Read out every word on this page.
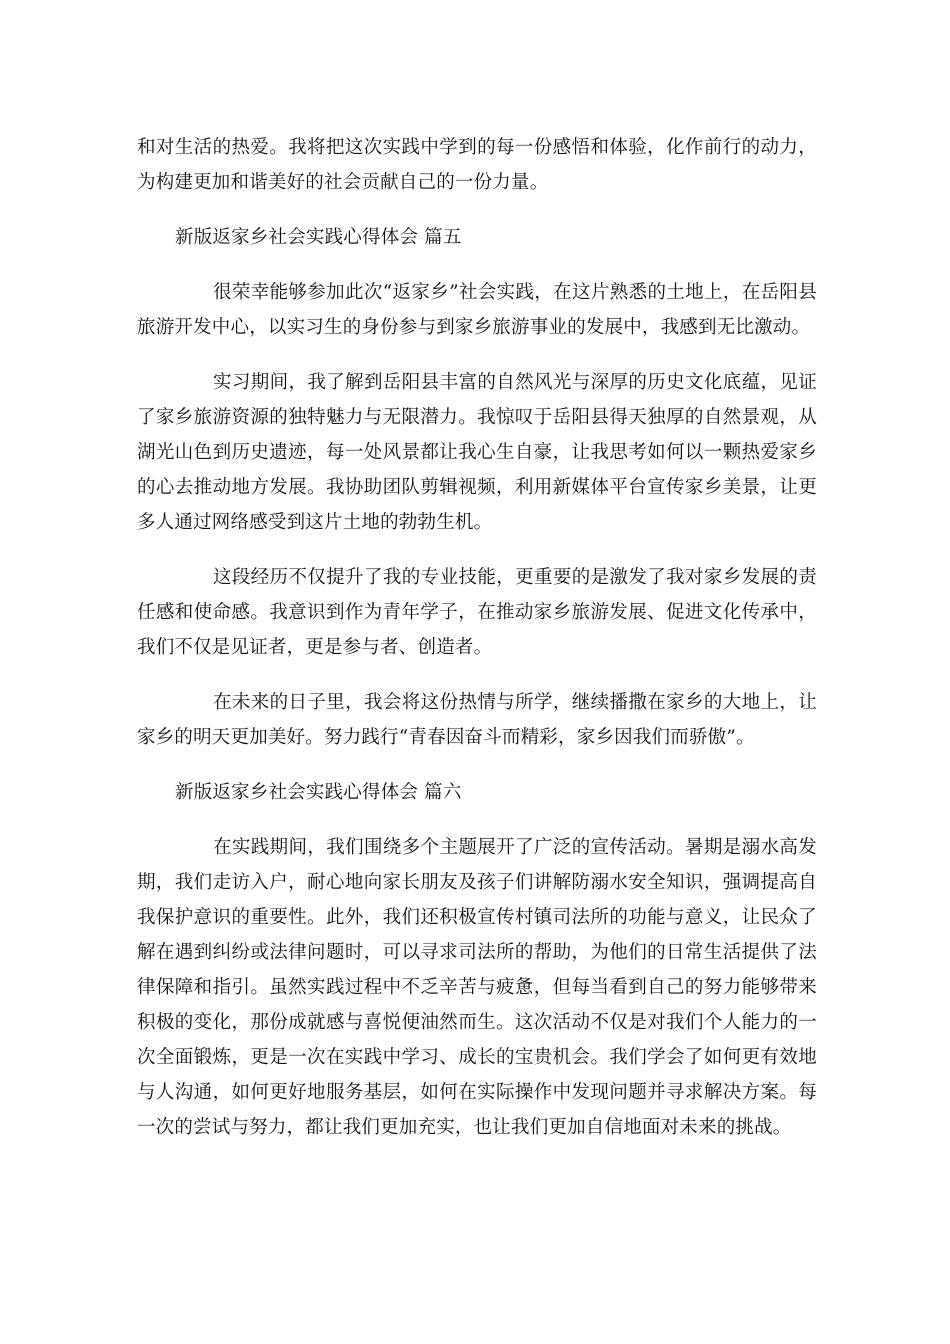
和对生活的热爱。我将把这次实践中学到的每一份感悟和体验，化作前行的动力，为构建更加和谐美好的社会贡献自己的一份力量。

新版返家乡社会实践心得体会 篇五

很荣幸能够参加此次“返家乡”社会实践，在这片熟悉的土地上，在岳阳县旅游开发中心，以实习生的身份参与到家乡旅游事业的发展中，我感到无比激动。

实习期间，我了解到岳阳县丰富的自然风光与深厚的历史文化底蕴，见证了家乡旅游资源的独特魅力与无限潜力。我惊叹于岳阳县得天独厚的自然景观，从湖光山色到历史遗迹，每一处风景都让我心生自豪，让我思考如何以一颗热爱家乡的心去推动地方发展。我协助团队剪辑视频，利用新媒体平台宣传家乡美景，让更多人通过网络感受到这片土地的勃勃生机。

这段经历不仅提升了我的专业技能，更重要的是激发了我对家乡发展的责任感和使命感。我意识到作为青年学子，在推动家乡旅游发展、促进文化传承中，我们不仅是见证者，更是参与者、创造者。

在未来的日子里，我会将这份热情与所学，继续播撒在家乡的大地上，让家乡的明天更加美好。努力践行“青春因奋斗而精彩，家乡因我们而骄傲”。

新版返家乡社会实践心得体会 篇六

在实践期间，我们围绕多个主题展开了广泛的宣传活动。暑期是溺水高发期，我们走访入户，耐心地向家长朋友及孩子们讲解防溺水安全知识，强调提高自我保护意识的重要性。此外，我们还积极宣传村镇司法所的功能与意义，让民众了解在遇到纠纷或法律问题时，可以寻求司法所的帮助，为他们的日常生活提供了法律保障和指引。虽然实践过程中不乏辛苦与疲惫，但每当看到自己的努力能够带来积极的变化，那份成就感与喜悦便油然而生。这次活动不仅是对我们个人能力的一次全面锻炼，更是一次在实践中学习、成长的宝贵机会。我们学会了如何更有效地与人沟通，如何更好地服务基层，如何在实际操作中发现问题并寻求解决方案。每一次的尝试与努力，都让我们更加充实，也让我们更加自信地面对未来的挑战。
